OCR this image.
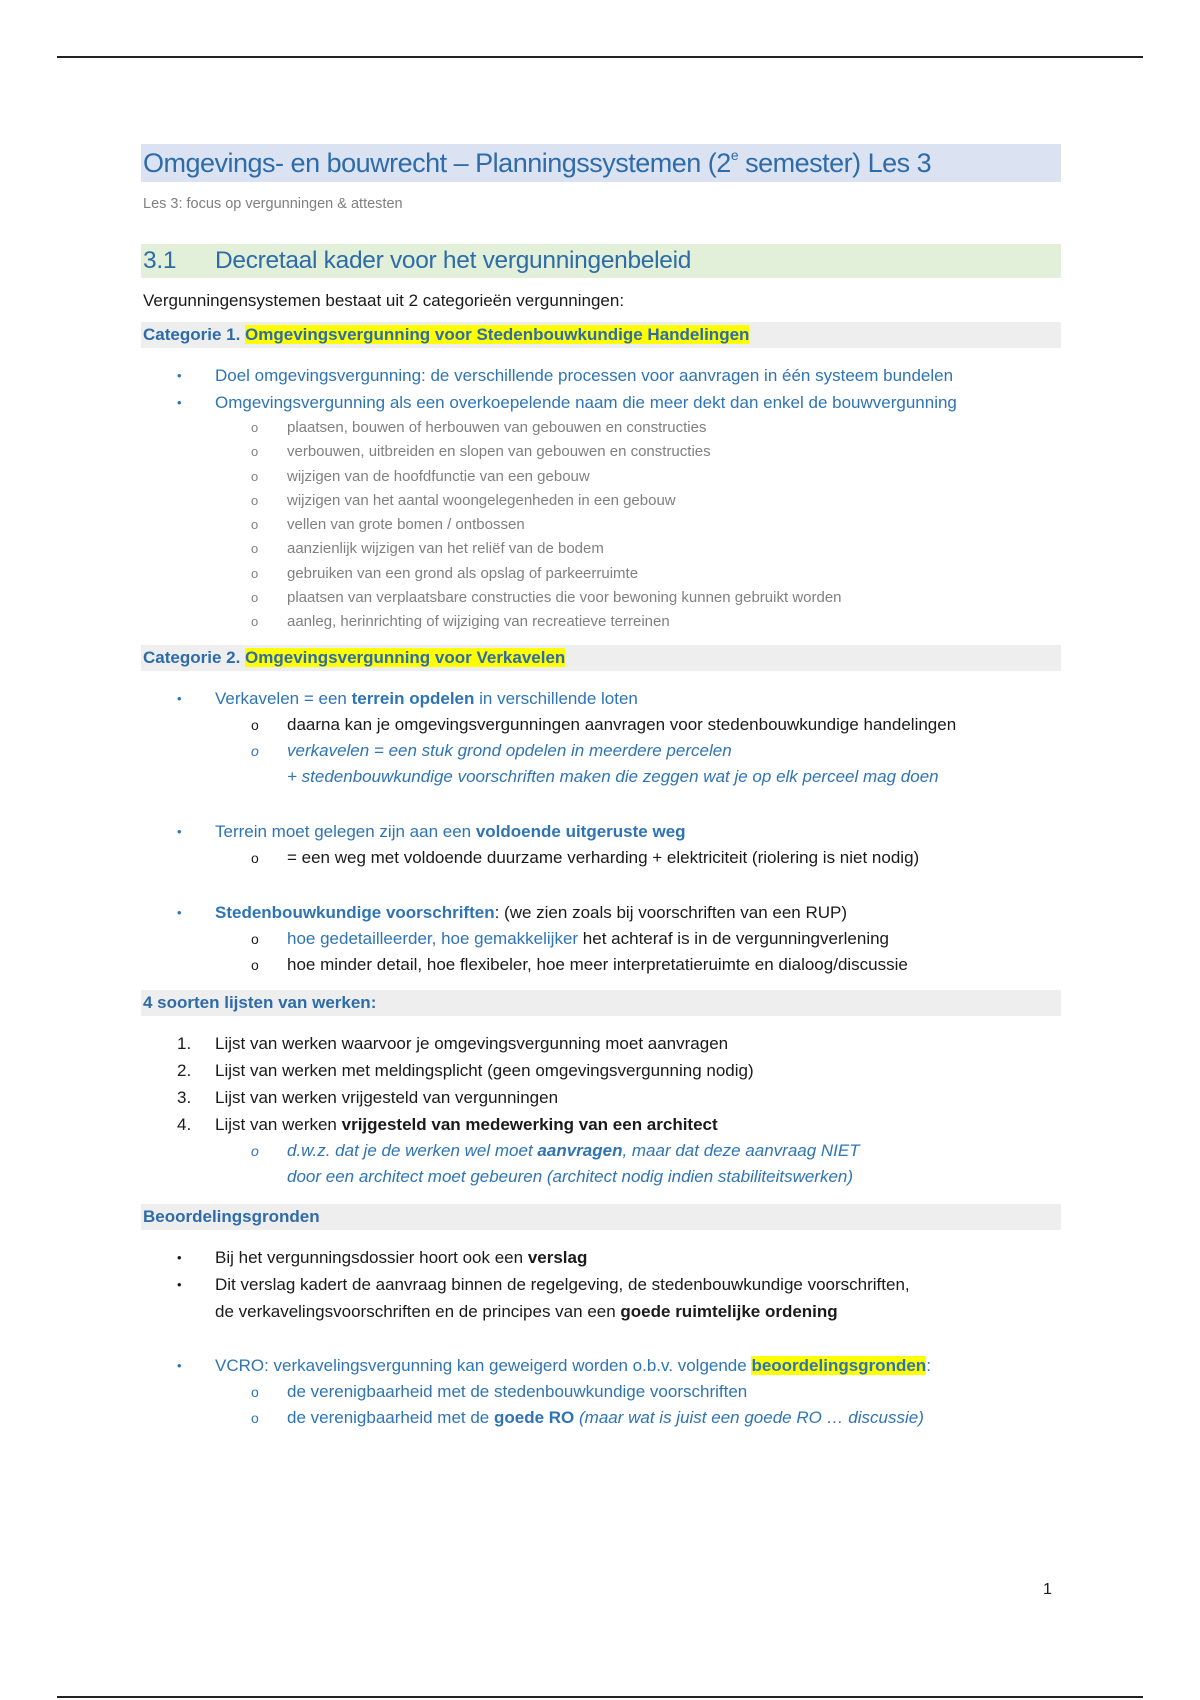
Omgevings- en bouwrecht – Planningssystemen (2e semester) Les 3
Les 3: focus op vergunningen & attesten
3.1 Decretaal kader voor het vergunningenbeleid
Vergunningensystemen bestaat uit 2 categorieën vergunningen:
Categorie 1. Omgevingsvergunning voor Stedenbouwkundige Handelingen
• Doel omgevingsvergunning: de verschillende processen voor aanvragen in één systeem bundelen
• Omgevingsvergunning als een overkoepelende naam die meer dekt dan enkel de bouwvergunning
o plaatsen, bouwen of herbouwen van gebouwen en constructies
o verbouwen, uitbreiden en slopen van gebouwen en constructies
o wijzigen van de hoofdfunctie van een gebouw
o wijzigen van het aantal woongelegenheden in een gebouw
o vellen van grote bomen / ontbossen
o aanzienlijk wijzigen van het reliëf van de bodem
o gebruiken van een grond als opslag of parkeerruimte
o plaatsen van verplaatsbare constructies die voor bewoning kunnen gebruikt worden
o aanleg, herinrichting of wijziging van recreatieve terreinen
Categorie 2. Omgevingsvergunning voor Verkavelen
• Verkavelen = een terrein opdelen in verschillende loten
o daarna kan je omgevingsvergunningen aanvragen voor stedenbouwkundige handelingen
o verkavelen = een stuk grond opdelen in meerdere percelen
+ stedenbouwkundige voorschriften maken die zeggen wat je op elk perceel mag doen
• Terrein moet gelegen zijn aan een voldoende uitgeruste weg
o = een weg met voldoende duurzame verharding + elektriciteit (riolering is niet nodig)
• Stedenbouwkundige voorschriften: (we zien zoals bij voorschriften van een RUP)
o hoe gedetailleerder, hoe gemakkelijker het achteraf is in de vergunningverlening
o hoe minder detail, hoe flexibeler, hoe meer interpretatieruimte en dialoog/discussie
4 soorten lijsten van werken:
1. Lijst van werken waarvoor je omgevingsvergunning moet aanvragen
2. Lijst van werken met meldingsplicht (geen omgevingsvergunning nodig)
3. Lijst van werken vrijgesteld van vergunningen
4. Lijst van werken vrijgesteld van medewerking van een architect
o d.w.z. dat je de werken wel moet aanvragen, maar dat deze aanvraag NIET
door een architect moet gebeuren (architect nodig indien stabiliteitswerken)
Beoordelingsgronden
• Bij het vergunningsdossier hoort ook een verslag
• Dit verslag kadert de aanvraag binnen de regelgeving, de stedenbouwkundige voorschriften,
de verkavelingsvoorschriften en de principes van een goede ruimtelijke ordening
• VCRO: verkavelingsvergunning kan geweigerd worden o.b.v. volgende beoordelingsgronden:
o de verenigbaarheid met de stedenbouwkundige voorschriften
o de verenigbaarheid met de goede RO (maar wat is juist een goede RO … discussie)
1
